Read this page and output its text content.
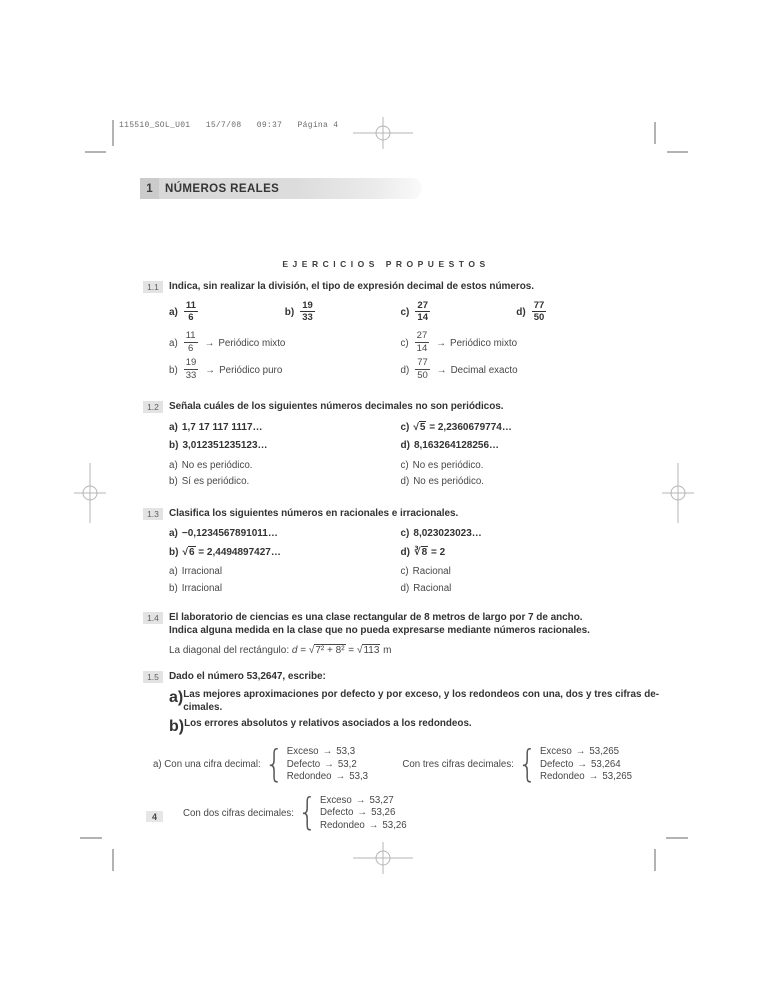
115510_SOL_U01   15/7/08   09:37   Página 4
1	NÚMEROS REALES
EJERCICIOS PROPUESTOS
1.1	Indica, sin realizar la división, el tipo de expresión decimal de estos números.
$a) \frac{11}{6}$	$b) \frac{19}{33}$	$c) \frac{27}{14}$	$d) \frac{77}{50}$
$a) \frac{11}{6}$ → Periódico mixto	$c) \frac{27}{14}$ → Periódico mixto
$b) \frac{19}{33}$ → Periódico puro	$d) \frac{77}{50}$ → Decimal exacto
1.2	Señala cuáles de los siguientes números decimales no son periódicos.
a) 1,7 17 117 1117…	c) √5 = 2,2360679774…
b) 3,012351235123…	d) 8,163264128256…
a) No es periódico.	c) No es periódico.
b) Sí es periódico.	d) No es periódico.
1.3	Clasifica los siguientes números en racionales e irracionales.
a) −0,1234567891011…	c) 8,023023023…
b) √6 = 2,4494897427…	d) ∛8 = 2
a) Irracional	c) Racional
b) Irracional	d) Racional
1.4	El laboratorio de ciencias es una clase rectangular de 8 metros de largo por 7 de ancho.
Indica alguna medida en la clase que no pueda expresarse mediante números racionales.
La diagonal del rectángulo: d = √7² + 8² = √113 m
1.5	Dado el número 53,2647, escribe:
a) Las mejores aproximaciones por defecto y por exceso, y los redondeos con una, dos y tres cifras de-
cimales.
b) Los errores absolutos y relativos asociados a los redondeos.
a) Con una cifra decimal: { Exceso → 53,3
Defecto → 53,2
Redondeo → 53,3
Con tres cifras decimales: { Exceso → 53,265
Defecto → 53,264
Redondeo → 53,265
Con dos cifras decimales: { Exceso → 53,27
Defecto → 53,26
Redondeo → 53,26
4
